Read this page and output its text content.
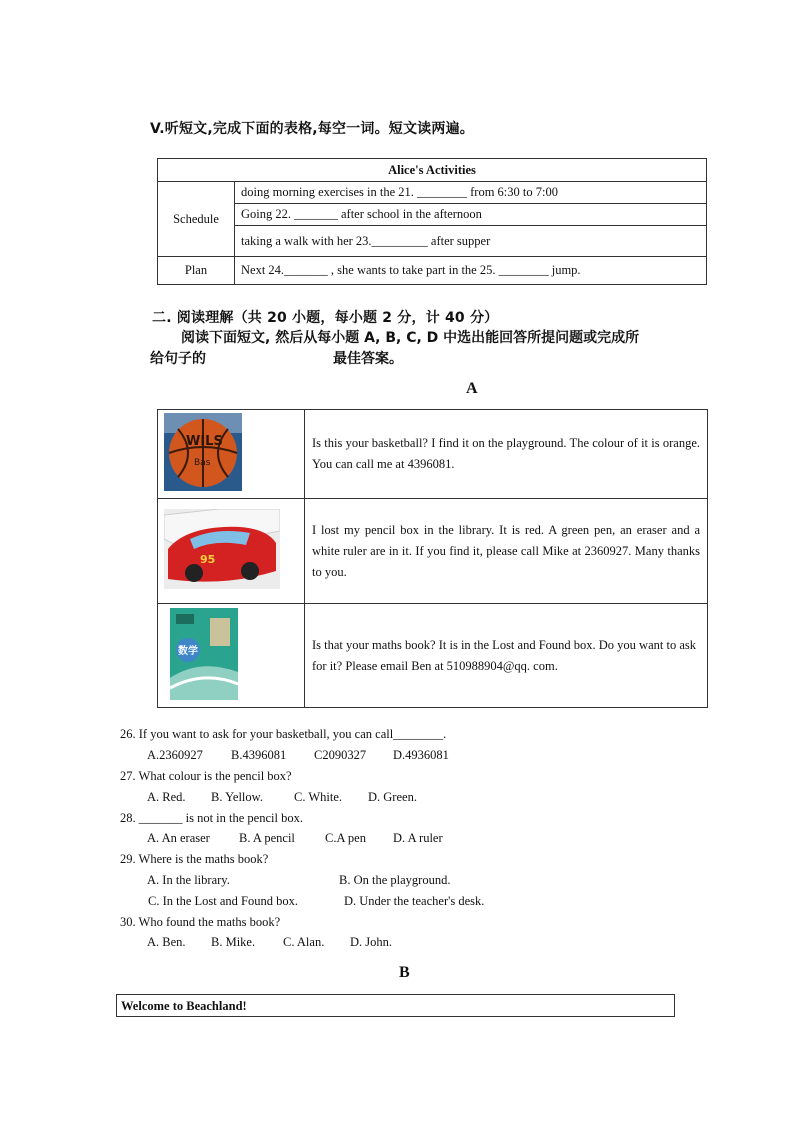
V.听短文,完成下面的表格,每空一词。短文读两遍。
Alice's Activities	
Schedule	doing morning exercises in the 21. ________ from 6:30 to 7:00
	Going 22. _______ after school in the afternoon
	taking a walk with her 23._________ after supper
Plan	Next 24._______ , she wants to take part in the 25. ________ jump.
二. 阅读理解（共 20 小题，每小题 2 分，计 40 分）
阅读下面短文, 然后从每小题 A, B, C, D 中选出能回答所提问题或完成所
给句子的	最佳答案。
A
WILS
Bas	Is this your basketball? I find it on the playground. The colour of it is orange. You can call me at 4396081.

95	I lost my pencil box in the library. It is red. A green pen, an eraser and a white ruler are in it. If you find it, please call Mike at 2360927. Many thanks to you.

数学	Is that your maths book? It is in the Lost and Found box. Do you want to ask
for it? Please email Ben at 510988904@qq. com.
26. If you want to ask for your basketball, you can call________.
A.2360927 B.4396081 C2090327 D.4936081
27. What colour is the pencil box?
A. Red. B. Yellow. C. White. D. Green.
28. _______ is not in the pencil box.
A. An eraser B. A pencil C.A pen D. A ruler
29. Where is the maths book?
A. In the library.	B. On the playground.
C. In the Lost and Found box.	D. Under the teacher's desk.
30. Who found the maths book?
A. Ben. B. Mike. C. Alan. D. John.
B
Welcome to Beachland!
